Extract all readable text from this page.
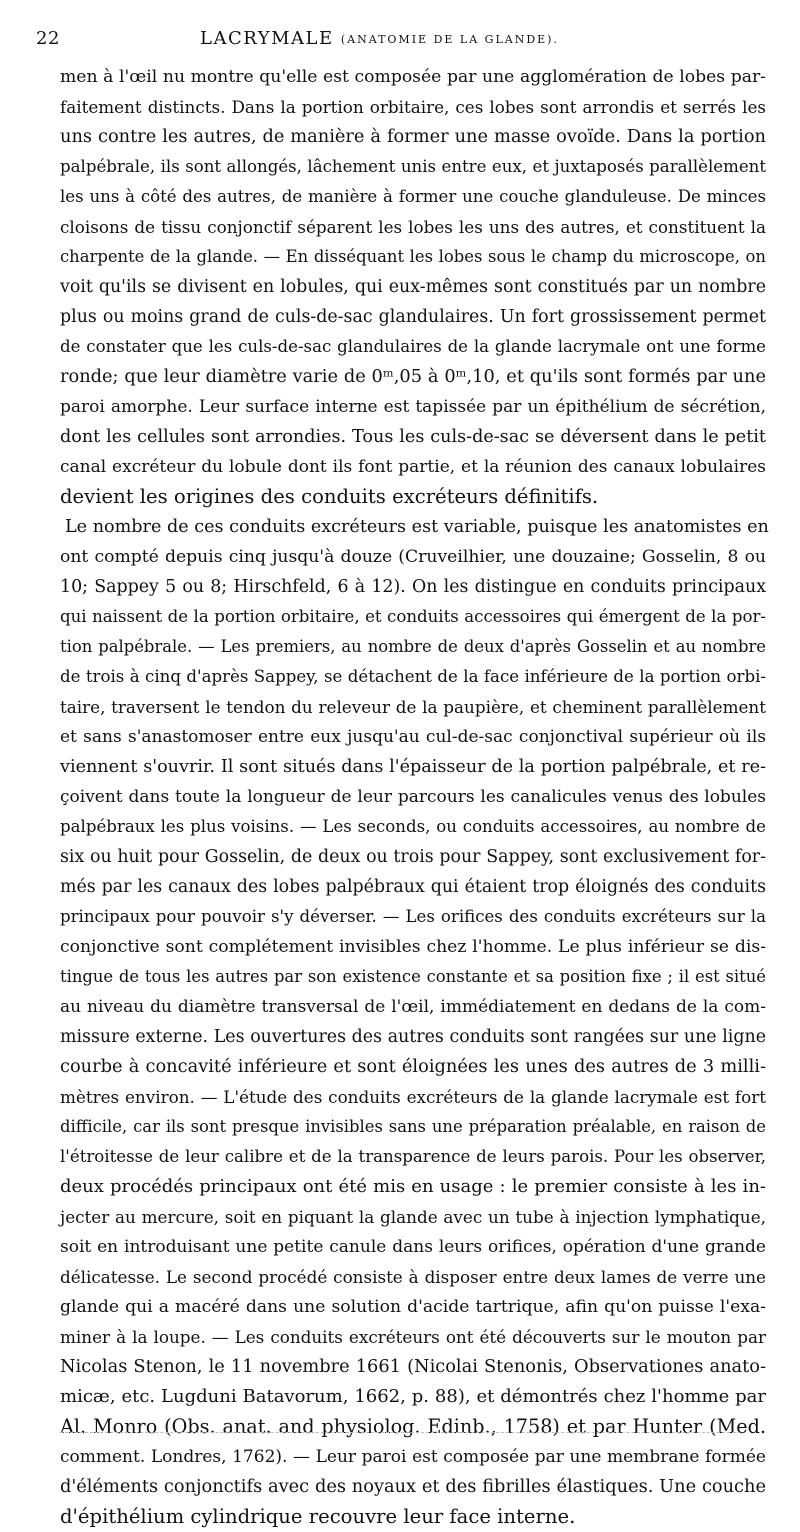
22	LACRYMALE (ANATOMIE DE LA GLANDE).
men à l'œil nu montre qu'elle est composée par une agglomération de lobes par-
faitement distincts. Dans la portion orbitaire, ces lobes sont arrondis et serrés les
uns contre les autres, de manière à former une masse ovoïde. Dans la portion
palpébrale, ils sont allongés, lâchement unis entre eux, et juxtaposés parallèlement
les uns à côté des autres, de manière à former une couche glanduleuse. De minces
cloisons de tissu conjonctif séparent les lobes les uns des autres, et constituent la
charpente de la glande. — En disséquant les lobes sous le champ du microscope, on
voit qu'ils se divisent en lobules, qui eux-mêmes sont constitués par un nombre
plus ou moins grand de culs-de-sac glandulaires. Un fort grossissement permet
de constater que les culs-de-sac glandulaires de la glande lacrymale ont une forme
ronde; que leur diamètre varie de 0ᵐ,05 à 0ᵐ,10, et qu'ils sont formés par une
paroi amorphe. Leur surface interne est tapissée par un épithélium de sécrétion,
dont les cellules sont arrondies. Tous les culs-de-sac se déversent dans le petit
canal excréteur du lobule dont ils font partie, et la réunion des canaux lobulaires
devient les origines des conduits excréteurs définitifs.
Le nombre de ces conduits excréteurs est variable, puisque les anatomistes en
ont compté depuis cinq jusqu'à douze (Cruveilhier, une douzaine; Gosselin, 8 ou
10; Sappey 5 ou 8; Hirschfeld, 6 à 12). On les distingue en conduits principaux
qui naissent de la portion orbitaire, et conduits accessoires qui émergent de la por-
tion palpébrale. — Les premiers, au nombre de deux d'après Gosselin et au nombre
de trois à cinq d'après Sappey, se détachent de la face inférieure de la portion orbi-
taire, traversent le tendon du releveur de la paupière, et cheminent parallèlement
et sans s'anastomoser entre eux jusqu'au cul-de-sac conjonctival supérieur où ils
viennent s'ouvrir. Il sont situés dans l'épaisseur de la portion palpébrale, et re-
çoivent dans toute la longueur de leur parcours les canalicules venus des lobules
palpébraux les plus voisins. — Les seconds, ou conduits accessoires, au nombre de
six ou huit pour Gosselin, de deux ou trois pour Sappey, sont exclusivement for-
més par les canaux des lobes palpébraux qui étaient trop éloignés des conduits
principaux pour pouvoir s'y déverser. — Les orifices des conduits excréteurs sur la
conjonctive sont complétement invisibles chez l'homme. Le plus inférieur se dis-
tingue de tous les autres par son existence constante et sa position fixe ; il est situé
au niveau du diamètre transversal de l'œil, immédiatement en dedans de la com-
missure externe. Les ouvertures des autres conduits sont rangées sur une ligne
courbe à concavité inférieure et sont éloignées les unes des autres de 3 milli-
mètres environ. — L'étude des conduits excréteurs de la glande lacrymale est fort
difficile, car ils sont presque invisibles sans une préparation préalable, en raison de
l'étroitesse de leur calibre et de la transparence de leurs parois. Pour les observer,
deux procédés principaux ont été mis en usage : le premier consiste à les in-
jecter au mercure, soit en piquant la glande avec un tube à injection lymphatique,
soit en introduisant une petite canule dans leurs orifices, opération d'une grande
délicatesse. Le second procédé consiste à disposer entre deux lames de verre une
glande qui a macéré dans une solution d'acide tartrique, afin qu'on puisse l'exa-
miner à la loupe. — Les conduits excréteurs ont été découverts sur le mouton par
Nicolas Stenon, le 11 novembre 1661 (Nicolai Stenonis, Observationes anato-
micæ, etc. Lugduni Batavorum, 1662, p. 88), et démontrés chez l'homme par
Al. Monro (Obs. anat. and physiolog. Edinb., 1758) et par Hunter (Med.
comment. Londres, 1762). — Leur paroi est composée par une membrane formée
d'éléments conjonctifs avec des noyaux et des fibrilles élastiques. Une couche
d'épithélium cylindrique recouvre leur face interne.
